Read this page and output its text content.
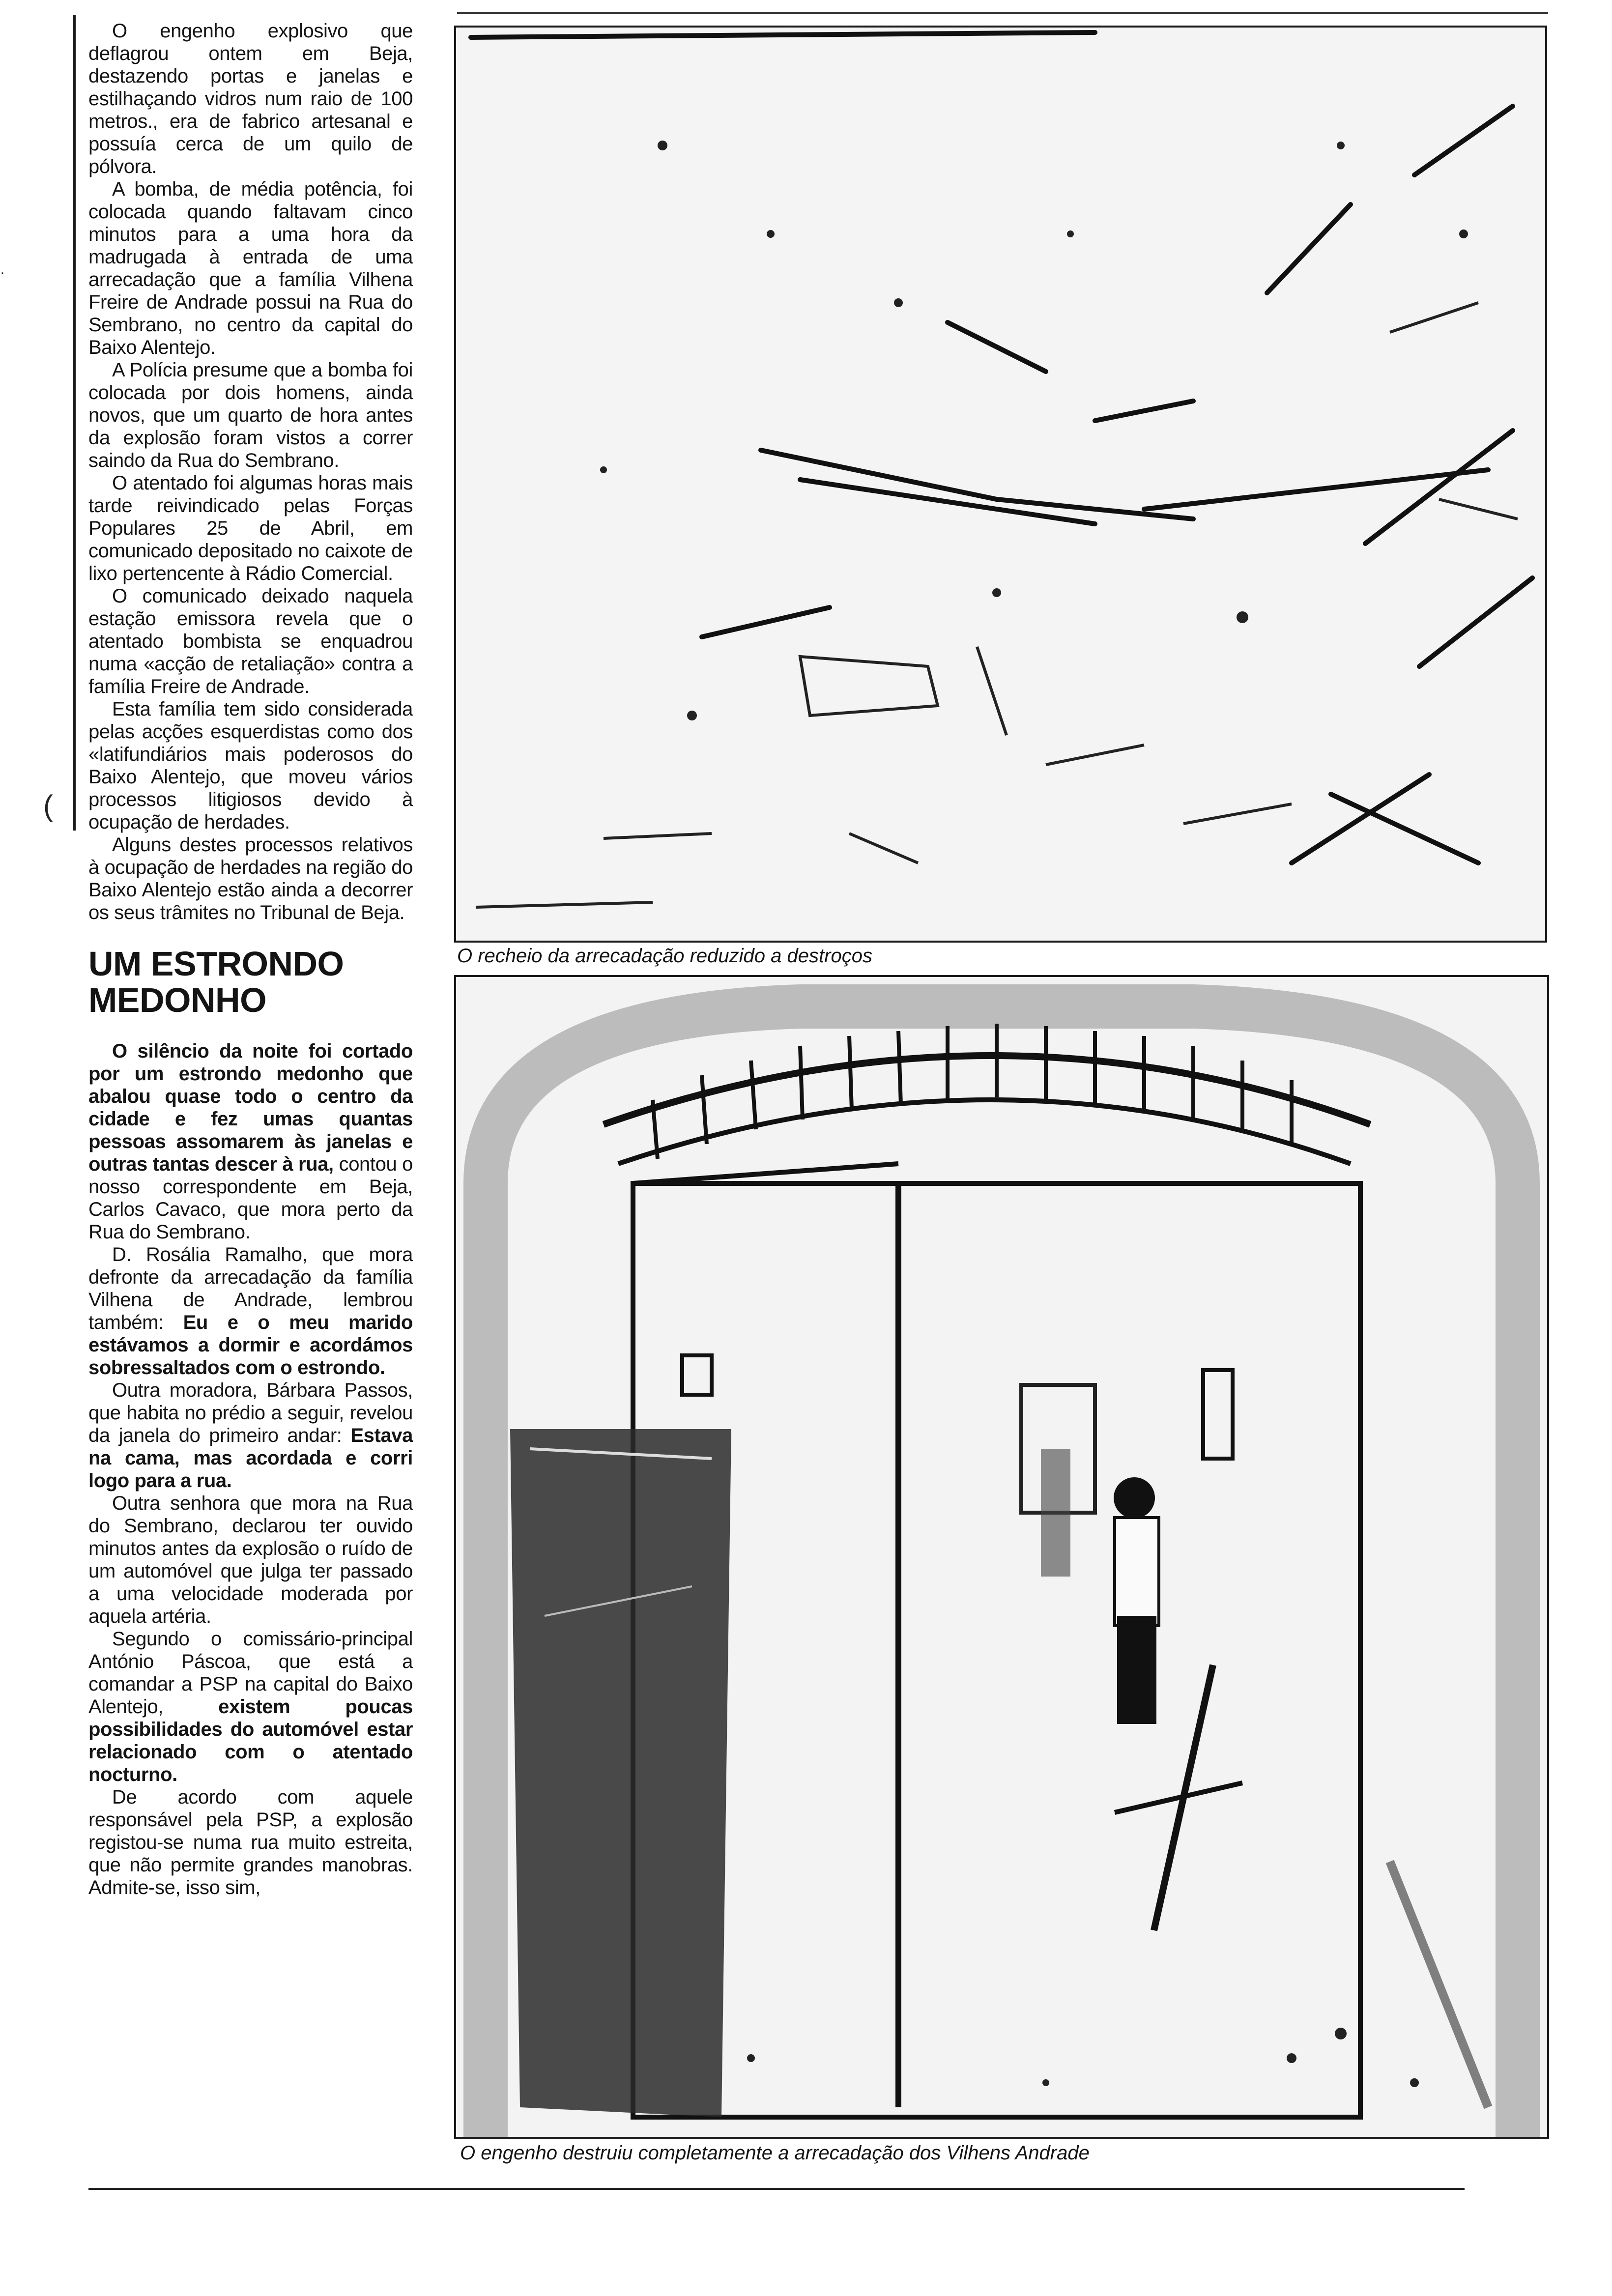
(
·

O engenho explosivo que deflagrou ontem em Beja, destazendo portas e janelas e estilhaçando vidros num raio de 100 metros., era de fabrico artesanal e possuía cerca de um quilo de pólvora.

A bomba, de média potência, foi colocada quando faltavam cinco minutos para a uma hora da madrugada à entrada de uma arrecadação que a família Vilhena Freire de Andrade possui na Rua do Sembrano, no centro da capital do Baixo Alentejo.

A Polícia presume que a bomba foi colocada por dois homens, ainda novos, que um quarto de hora antes da explosão foram vistos a correr saindo da Rua do Sembrano.

O atentado foi algumas horas mais tarde reivindicado pelas Forças Populares 25 de Abril, em comunicado depositado no caixote de lixo pertencente à Rádio Comercial.

O comunicado deixado naquela estação emissora revela que o atentado bombista se enquadrou numa «acção de retaliação» contra a família Freire de Andrade.

Esta família tem sido considerada pelas acções esquerdistas como dos «latifundiários mais poderosos do Baixo Alentejo, que moveu vários processos litigiosos devido à ocupação de herdades.

Alguns destes processos relativos à ocupação de herdades na região do Baixo Alentejo estão ainda a decorrer os seus trâmites no Tribunal de Beja.

UM ESTRONDO MEDONHO

O silêncio da noite foi cortado por um estrondo medonho que abalou quase todo o centro da cidade e fez umas quantas pessoas assomarem às janelas e outras tantas descer à rua, contou o nosso correspondente em Beja, Carlos Cavaco, que mora perto da Rua do Sembrano.

D. Rosália Ramalho, que mora defronte da arrecadação da família Vilhena de Andrade, lembrou também: Eu e o meu marido estávamos a dormir e acordámos sobressaltados com o estrondo.

Outra moradora, Bárbara Passos, que habita no prédio a seguir, revelou da janela do primeiro andar: Estava na cama, mas acordada e corri logo para a rua.

Outra senhora que mora na Rua do Sembrano, declarou ter ouvido minutos antes da explosão o ruído de um automóvel que julga ter passado a uma velocidade moderada por aquela artéria.

Segundo o comissário-principal António Páscoa, que está a comandar a PSP na capital do Baixo Alentejo, existem poucas possibilidades do automóvel estar relacionado com o atentado nocturno.

De acordo com aquele responsável pela PSP, a explosão registou-se numa rua muito estreita, que não permite grandes manobras. Admite-se, isso sim,

O recheio da arrecadação reduzido a destroços
O engenho destruiu completamente a arrecadação dos Vilhens Andrade
